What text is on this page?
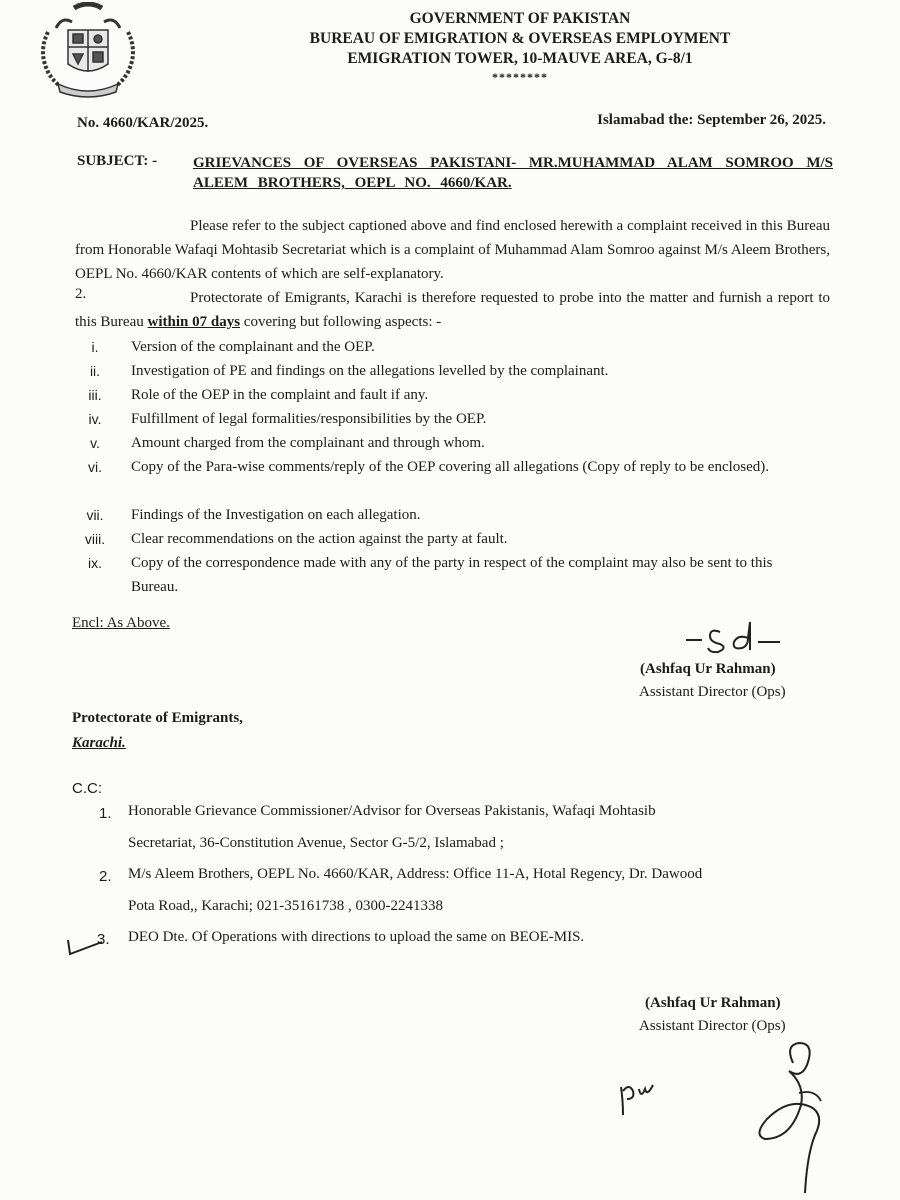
GOVERNMENT OF PAKISTAN
BUREAU OF EMIGRATION & OVERSEAS EMPLOYMENT
EMIGRATION TOWER, 10-MAUVE AREA, G-8/1
********
No. 4660/KAR/2025.	Islamabad the: September 26, 2025.
SUBJECT: - GRIEVANCES OF OVERSEAS PAKISTANI- MR.MUHAMMAD ALAM SOMROO M/S ALEEM BROTHERS, OEPL NO. 4660/KAR.
Please refer to the subject captioned above and find enclosed herewith a complaint received in this Bureau from Honorable Wafaqi Mohtasib Secretariat which is a complaint of Muhammad Alam Somroo against M/s Aleem Brothers, OEPL No. 4660/KAR contents of which are self-explanatory.
2.	Protectorate of Emigrants, Karachi is therefore requested to probe into the matter and furnish a report to this Bureau within 07 days covering but following aspects: -
i.	Version of the complainant and the OEP.
ii.	Investigation of PE and findings on the allegations levelled by the complainant.
iii.	Role of the OEP in the complaint and fault if any.
iv.	Fulfillment of legal formalities/responsibilities by the OEP.
v.	Amount charged from the complainant and through whom.
vi.	Copy of the Para-wise comments/reply of the OEP covering all allegations (Copy of reply to be enclosed).
vii.	Findings of the Investigation on each allegation.
viii.	Clear recommendations on the action against the party at fault.
ix.	Copy of the correspondence made with any of the party in respect of the complaint may also be sent to this Bureau.
Encl: As Above.
(Ashfaq Ur Rahman)
Assistant Director (Ops)
Protectorate of Emigrants,
Karachi.
C.C:
1. Honorable Grievance Commissioner/Advisor for Overseas Pakistanis, Wafaqi Mohtasib
Secretariat, 36-Constitution Avenue, Sector G-5/2, Islamabad ;
2. M/s Aleem Brothers, OEPL No. 4660/KAR, Address: Office 11-A, Hotal Regency, Dr. Dawood
Pota Road,, Karachi; 021-35161738 , 0300-2241338
3. DEO Dte. Of Operations with directions to upload the same on BEOE-MIS.
(Ashfaq Ur Rahman)
Assistant Director (Ops)
